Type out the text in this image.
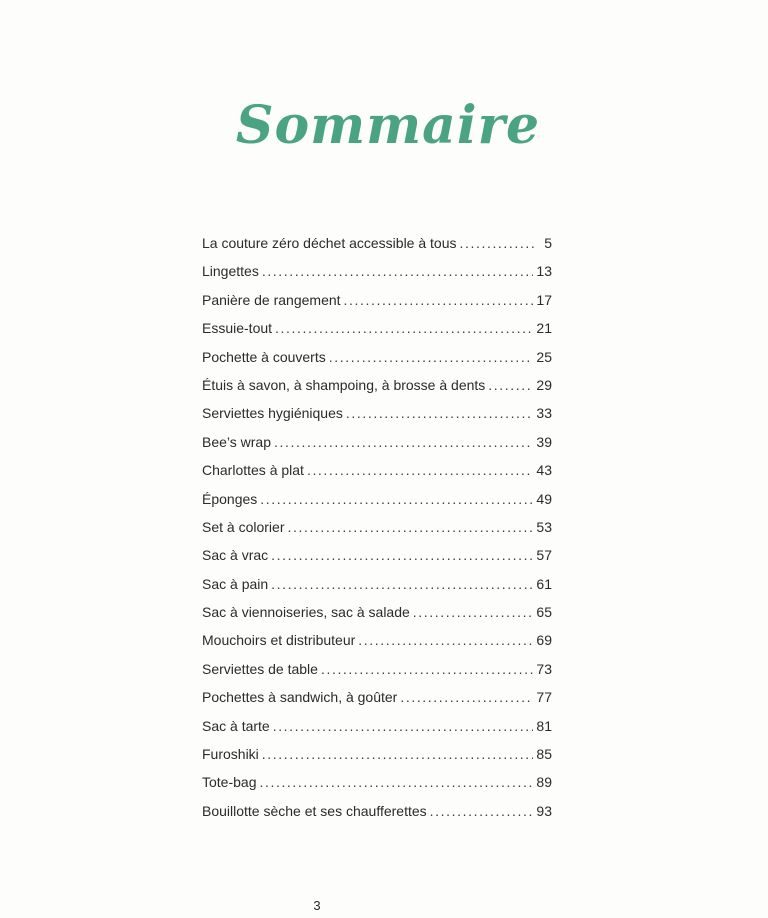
Sommaire
La couture zéro déchet accessible à tous .....	5
Lingettes .....	13
Panière de rangement .....	17
Essuie-tout .....	21
Pochette à couverts .....	25
Étuis à savon, à shampoing, à brosse à dents .....	29
Serviettes hygiéniques .....	33
Bee’s wrap .....	39
Charlottes à plat .....	43
Éponges .....	49
Set à colorier .....	53
Sac à vrac .....	57
Sac à pain .....	61
Sac à viennoiseries, sac à salade .....	65
Mouchoirs et distributeur .....	69
Serviettes de table .....	73
Pochettes à sandwich, à goûter .....	77
Sac à tarte .....	81
Furoshiki .....	85
Tote-bag .....	89
Bouillotte sèche et ses chaufferettes .....	93
3
